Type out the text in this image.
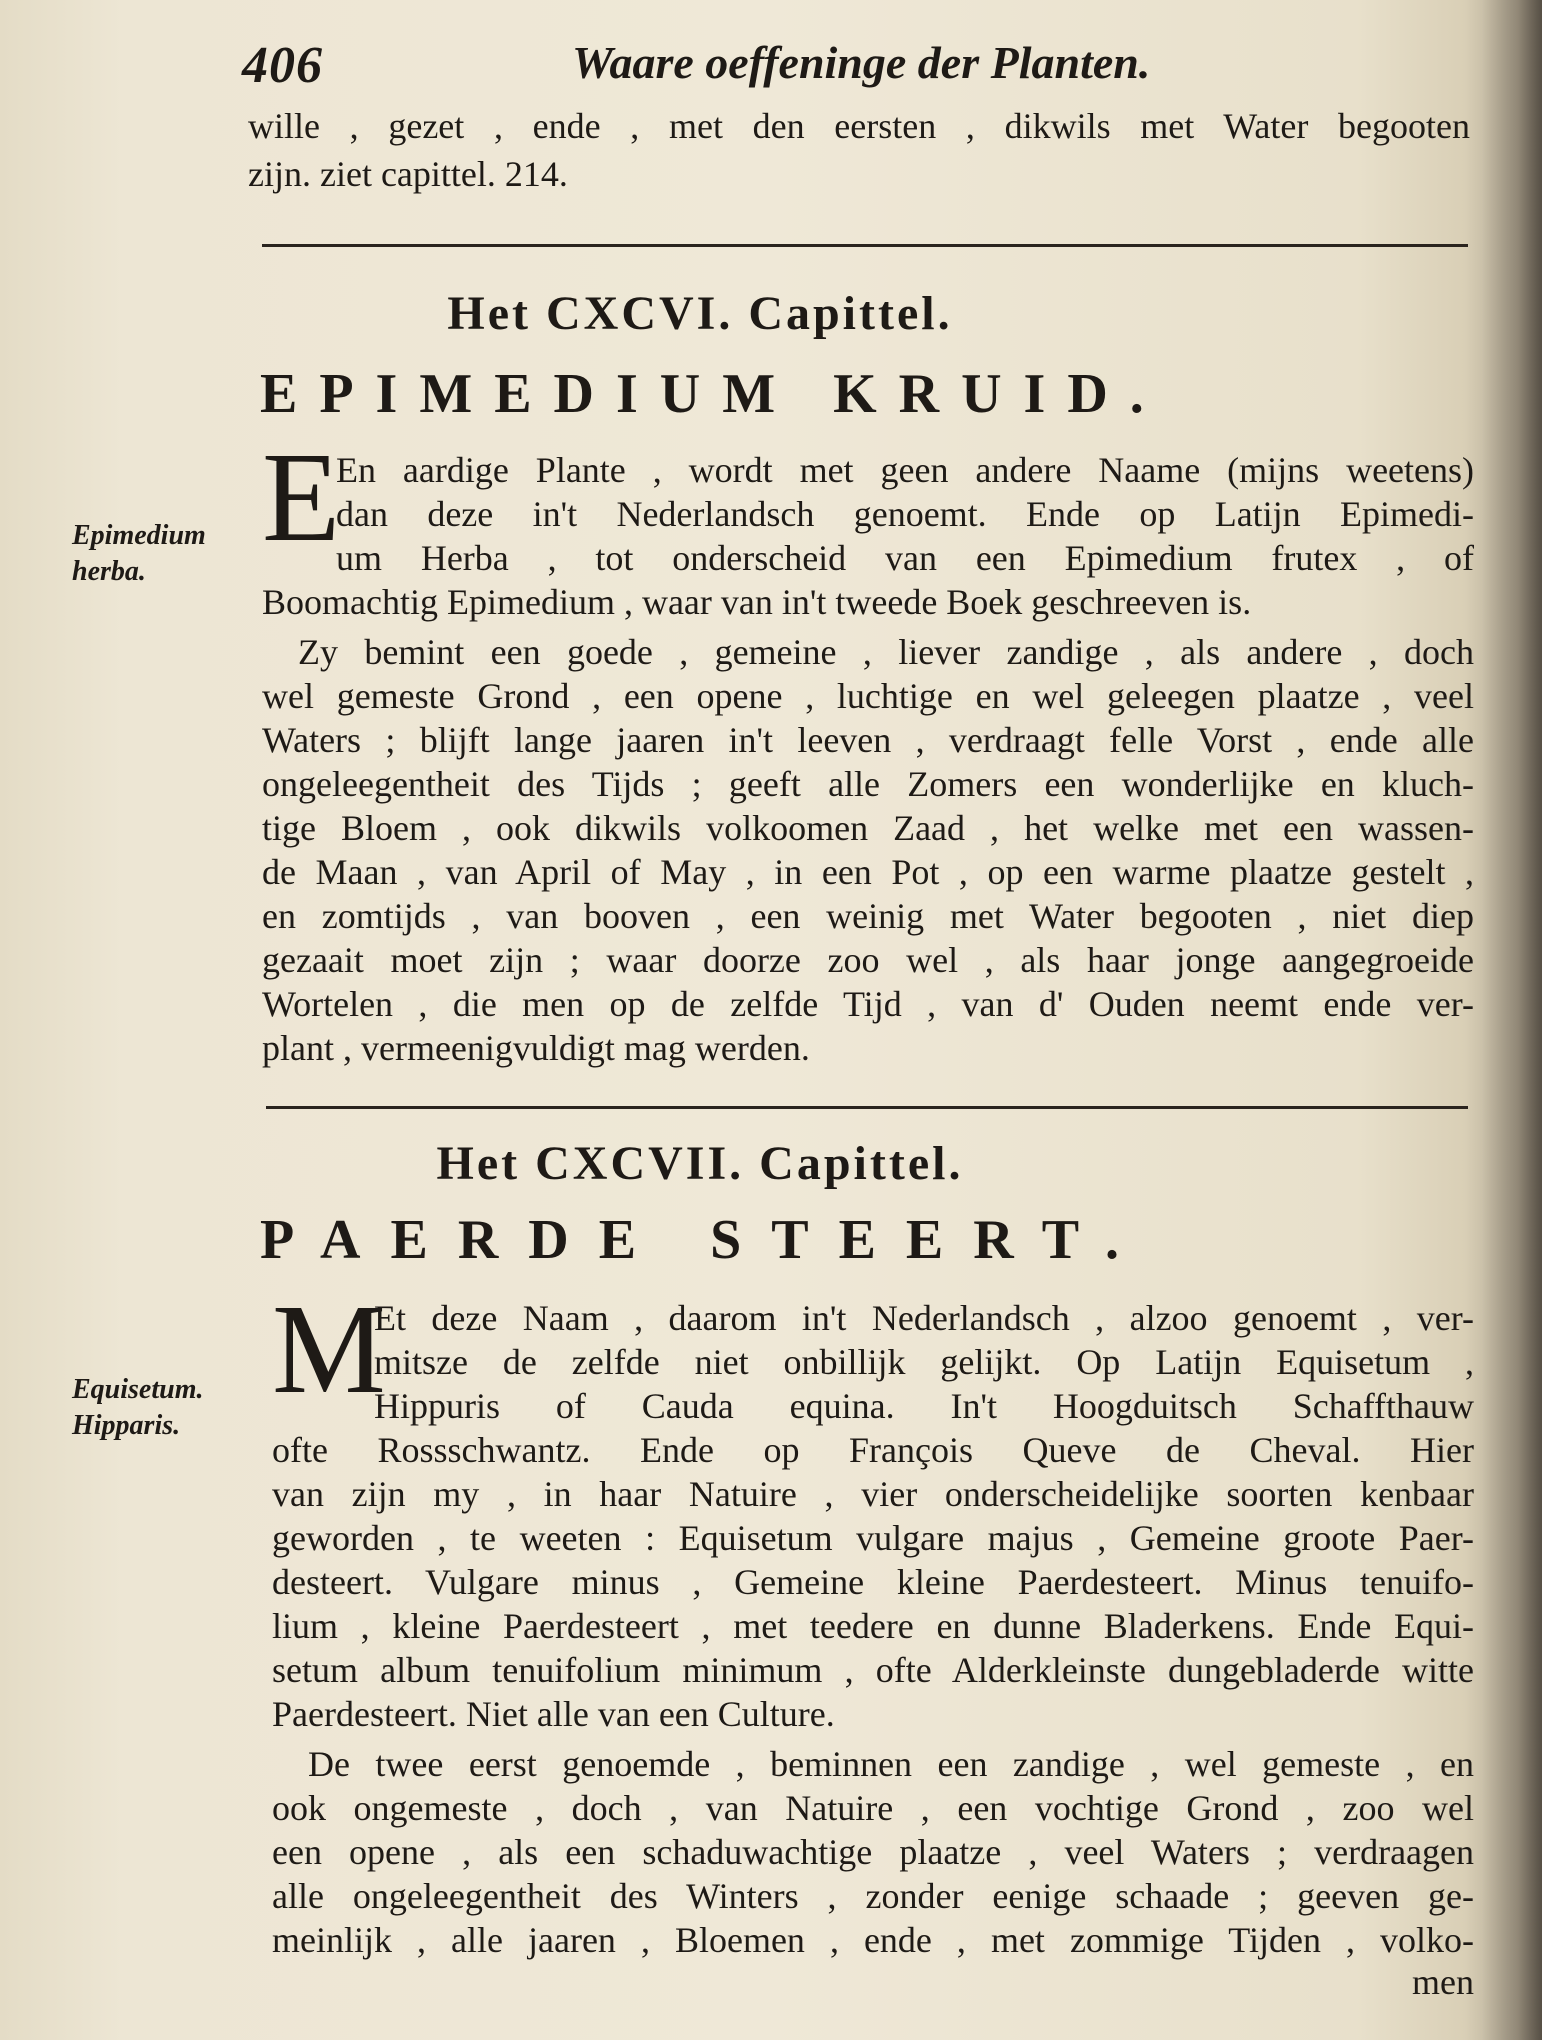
406	Waare oeffeninge der Planten.
wille , gezet , ende , met den eersten , dikwils met Water begooten
zijn. ziet capittel. 214.
Het CXCVI. Capittel.
EPIMEDIUM KRUID.
Epimedium
herba.
E
En aardige Plante , wordt met geen andere Naame (mijns weetens)
dan deze in't Nederlandsch genoemt. Ende op Latijn Epimedi-
um Herba , tot onderscheid van een Epimedium frutex , of
Boomachtig Epimedium , waar van in't tweede Boek geschreeven is.
Zy bemint een goede , gemeine , liever zandige , als andere , doch
wel gemeste Grond , een opene , luchtige en wel geleegen plaatze , veel
Waters ; blijft lange jaaren in't leeven , verdraagt felle Vorst , ende alle
ongeleegentheit des Tijds ; geeft alle Zomers een wonderlijke en kluch-
tige Bloem , ook dikwils volkoomen Zaad , het welke met een wassen-
de Maan , van April of May , in een Pot , op een warme plaatze gestelt ,
en zomtijds , van booven , een weinig met Water begooten , niet diep
gezaait moet zijn ; waar doorze zoo wel , als haar jonge aangegroeide
Wortelen , die men op de zelfde Tijd , van d' Ouden neemt ende ver-
plant , vermeenigvuldigt mag werden.
Het CXCVII. Capittel.
PAERDE STEERT.
Equisetum.
Hipparis.
M
Et deze Naam , daarom in't Nederlandsch , alzoo genoemt , ver-
mitsze de zelfde niet onbillijk gelijkt. Op Latijn Equisetum ,
Hippuris of Cauda equina. In't Hoogduitsch Schaffthauw
ofte Rossschwantz. Ende op François Queve de Cheval. Hier
van zijn my , in haar Natuire , vier onderscheidelijke soorten kenbaar
geworden , te weeten : Equisetum vulgare majus , Gemeine groote Paer-
desteert. Vulgare minus , Gemeine kleine Paerdesteert. Minus tenuifo-
lium , kleine Paerdesteert , met teedere en dunne Bladerkens. Ende Equi-
setum album tenuifolium minimum , ofte Alderkleinste dungebladerde witte
Paerdesteert. Niet alle van een Culture.
De twee eerst genoemde , beminnen een zandige , wel gemeste , en
ook ongemeste , doch , van Natuire , een vochtige Grond , zoo wel
een opene , als een schaduwachtige plaatze , veel Waters ; verdraagen
alle ongeleegentheit des Winters , zonder eenige schaade ; geeven ge-
meinlijk , alle jaaren , Bloemen , ende , met zommige Tijden , volko-
men
